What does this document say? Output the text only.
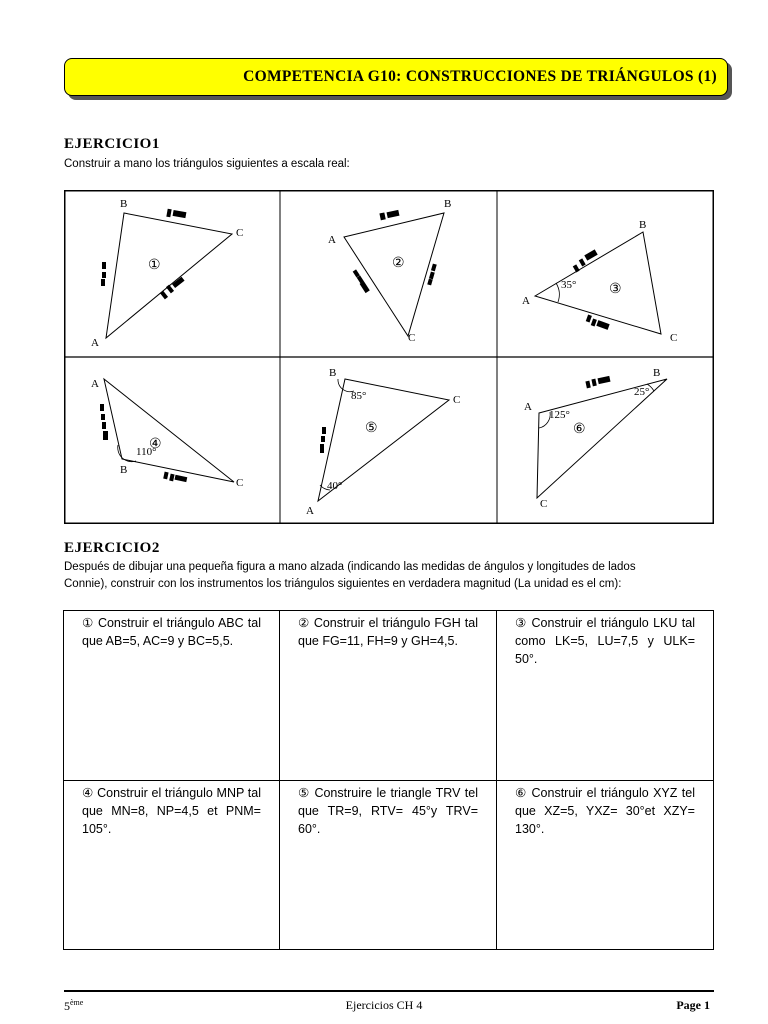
COMPETENCIA G10: CONSTRUCCIONES DE TRIÁNGULOS (1)
EJERCICIO1
Construir a mano los triángulos siguientes a escala real:
B
C
A
①
B
A
C
②
B
A
C
35° ③
A
B
C
110°
④
B
C
A
85°
40°
⑤
B
A
C
125°
25°
⑥
EJERCICIO2
Después de dibujar una pequeña figura a mano alzada (indicando las medidas de ángulos y longitudes de lados
Connie), construir con los instrumentos los triángulos siguientes en verdadera magnitud (La unidad es el cm):
① Construir el triángulo ABC tal que AB=5, AC=9 y BC=5,5.
② Construir el triángulo FGH tal que FG=11, FH=9 y GH=4,5.
③ Construir el triángulo LKU tal como LK=5, LU=7,5 y ULK= 50°.
④ Construir el triángulo MNP tal que MN=8, NP=4,5 et PNM= 105°.
⑤ Construire le triangle TRV tel que TR=9, RTV= 45°y TRV= 60°.
⑥ Construir el triángulo XYZ tel que XZ=5, YXZ= 30°et XZY= 130°.
5ème	Ejercicios CH 4	Page 1
